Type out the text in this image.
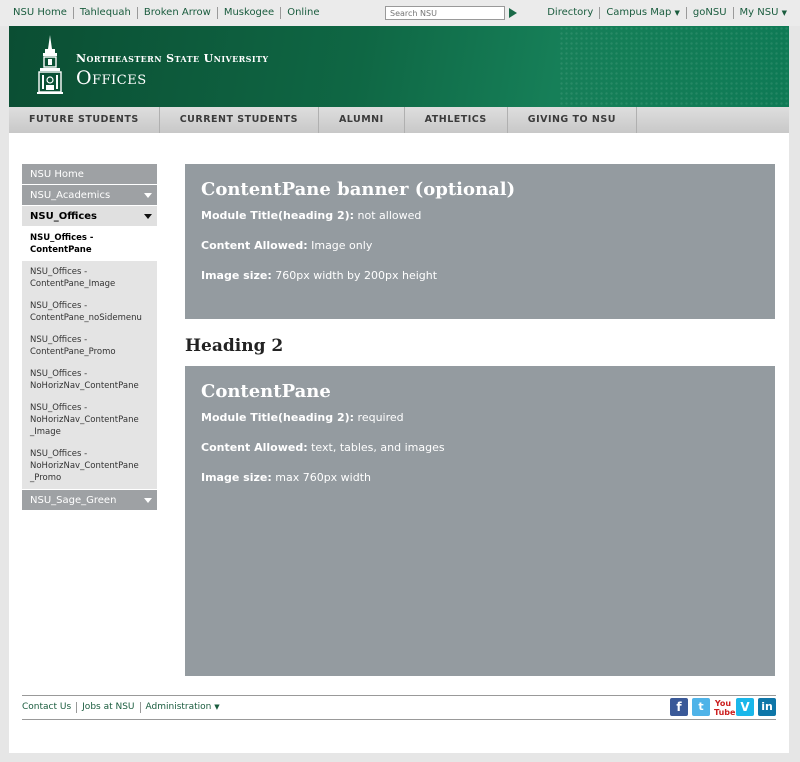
NSU Home	Tahlequah	Broken Arrow	Muskogee	Online
Search NSU	Directory	Campus Map ▼	goNSU	My NSU ▼
Northeastern State University
Offices
FUTURE STUDENTS	CURRENT STUDENTS	ALUMNI	ATHLETICS	GIVING TO NSU
NSU Home
NSU_Academics
NSU_Offices
NSU_Offices - ContentPane
NSU_Offices - ContentPane_Image
NSU_Offices - ContentPane_noSidemenu
NSU_Offices - ContentPane_Promo
NSU_Offices - NoHorizNav_ContentPane
NSU_Offices - NoHorizNav_ContentPane _Image
NSU_Offices - NoHorizNav_ContentPane _Promo
NSU_Sage_Green
ContentPane banner (optional)

Module Title(heading 2): not allowed

Content Allowed: Image only

Image size: 760px width by 200px height

Heading 2
ContentPane

Module Title(heading 2): required

Content Allowed: text, tables, and images

Image size: max 760px width

Contact Us	Jobs at NSU	Administration ▼	f	t	You Tube V	in
